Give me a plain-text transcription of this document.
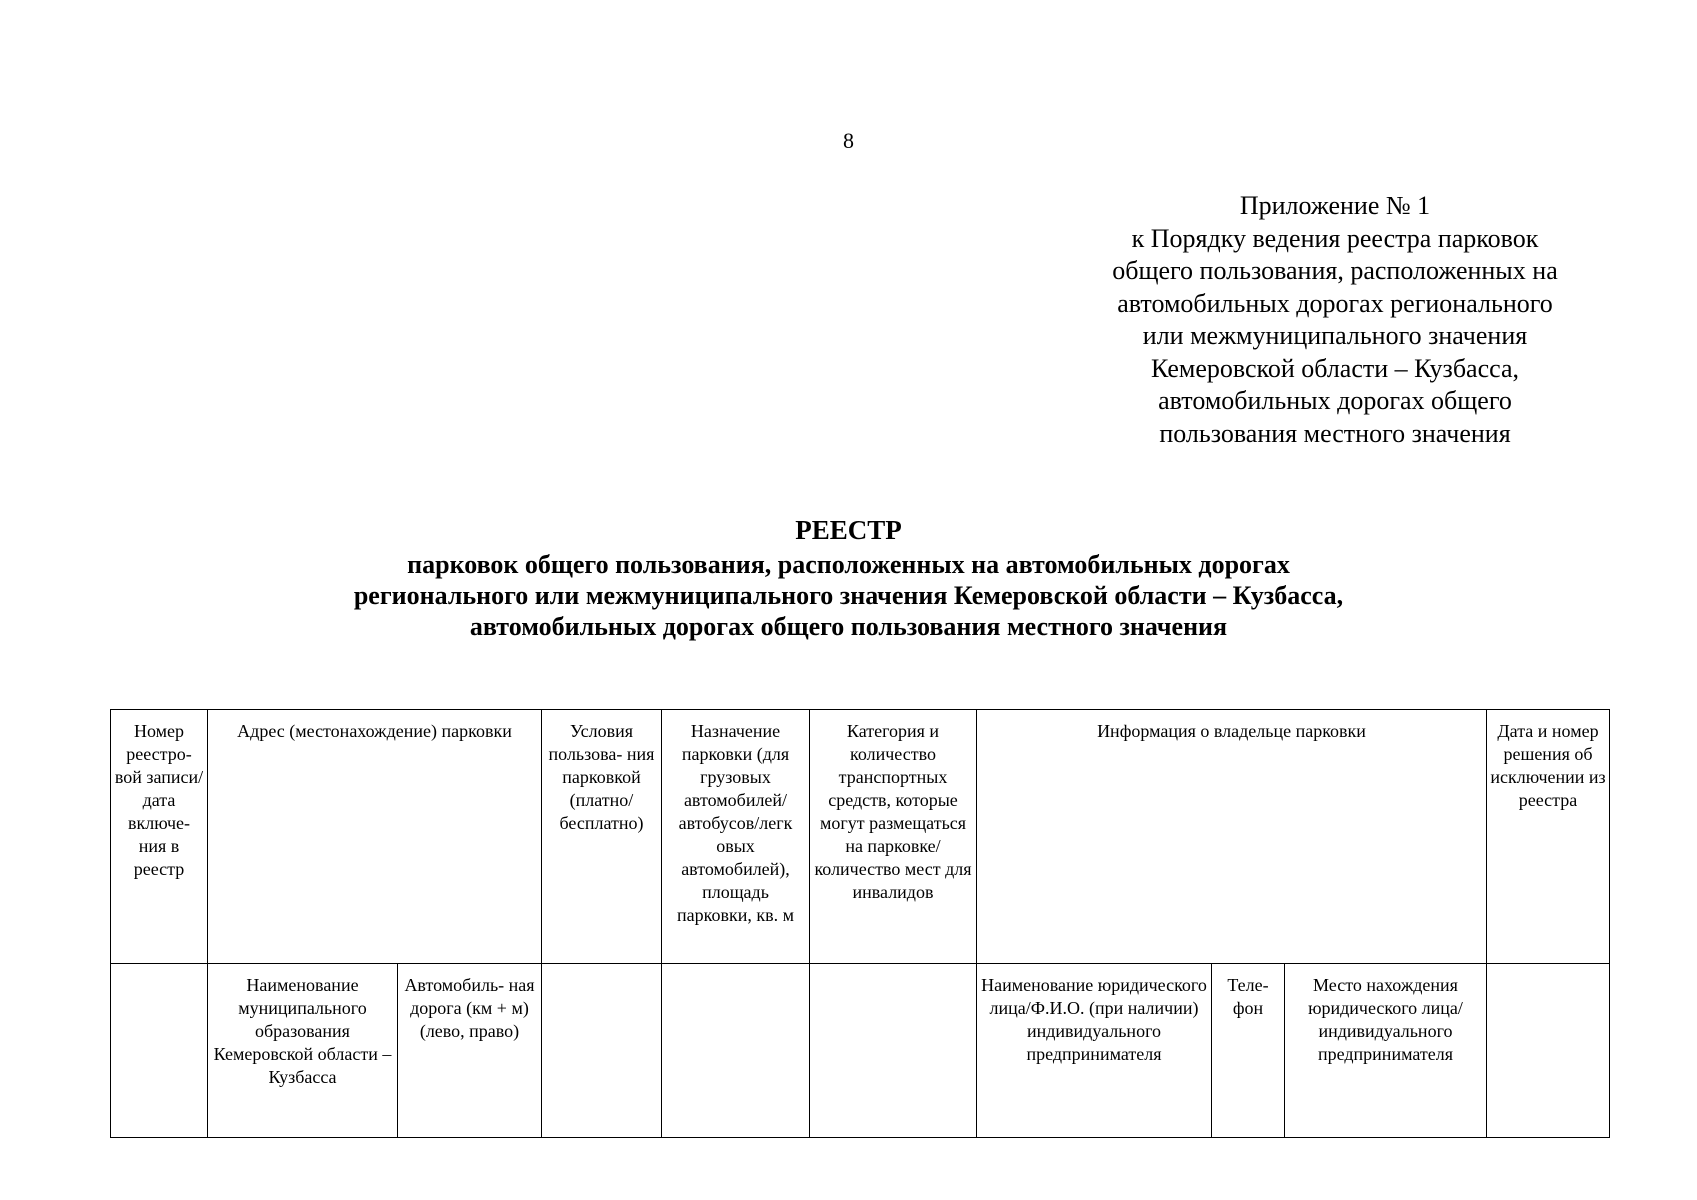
8
Приложение № 1
к Порядку ведения реестра парковок
общего пользования, расположенных на
автомобильных дорогах регионального
или межмуниципального значения
Кемеровской области – Кузбасса,
автомобильных дорогах общего
пользования местного значения
РЕЕСТР
парковок общего пользования, расположенных на автомобильных дорогах
регионального или межмуниципального значения Кемеровской области – Кузбасса,
автомобильных дорогах общего пользования местного значения
Номер реестро- вой записи/ дата включе- ния в реестр	Адрес (местонахождение) парковки		Условия пользова- ния парковкой (платно/ бесплатно)	Назначение парковки (для грузовых автомобилей/ автобусов/легк овых автомобилей), площадь парковки, кв. м	Категория и количество транспортных средств, которые могут размещаться на парковке/ количество мест для инвалидов	Информация о владельце парковки			Дата и номер решения об исключении из реестра

	Наименование муниципального образования Кемеровской области – Кузбасса	Автомобиль- ная дорога (км + м) (лево, право)				Наименование юридического лица/Ф.И.О. (при наличии) индивидуального предпринимателя	Теле- фон	Место нахождения юридического лица/ индивидуального предпринимателя	
